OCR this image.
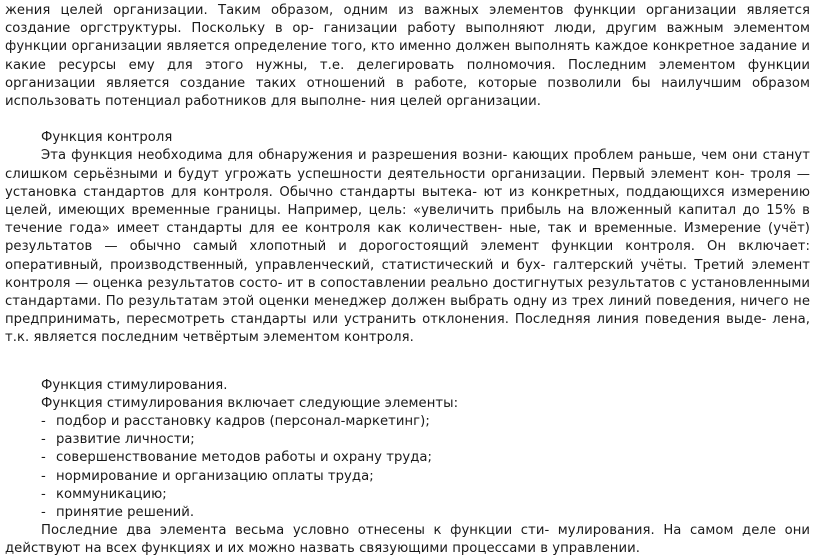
жения целей организации. Таким образом, одним из важных элементов функции организации является создание оргструктуры. Поскольку в ор- ганизации работу выполняют люди, другим важным элементом функции организации является определение того, кто именно должен выполнять каждое конкретное задание и какие ресурсы ему для этого нужны, т.е. делегировать полномочия. Последним элементом функции организации является создание таких отношений в работе, которые позволили бы наилучшим образом использовать потенциал работников для выполне- ния целей организации.

Функция контроля

Эта функция необходима для обнаружения и разрешения возни- кающих проблем раньше, чем они станут слишком серьёзными и будут угрожать успешности деятельности организации. Первый элемент кон- троля — установка стандартов для контроля. Обычно стандарты вытека- ют из конкретных, поддающихся измерению целей, имеющих временные границы. Например, цель: «увеличить прибыль на вложенный капитал до 15% в течение года» имеет стандарты для ее контроля как количествен- ные, так и временные. Измерение (учёт) результатов — обычно самый хлопотный и дорогостоящий элемент функции контроля. Он включает: оперативный, производственный, управленческий, статистический и бух- галтерский учёты. Третий элемент контроля — оценка результатов состо- ит в сопоставлении реально достигнутых результатов с установленными стандартами. По результатам этой оценки менеджер должен выбрать одну из трех линий поведения, ничего не предпринимать, пересмотреть стандарты или устранить отклонения. Последняя линия поведения выде- лена, т.к. является последним четвёртым элементом контроля.

Функция стимулирования.

Функция стимулирования включает следующие элементы:

- подбор и расстановку кадров (персонал-маркетинг);
- развитие личности;
- совершенствование методов работы и охрану труда;
- нормирование и организацию оплаты труда;
- коммуникацию;
- принятие решений.

Последние два элемента весьма условно отнесены к функции сти- мулирования. На самом деле они действуют на всех функциях и их можно назвать связующими процессами в управлении.
